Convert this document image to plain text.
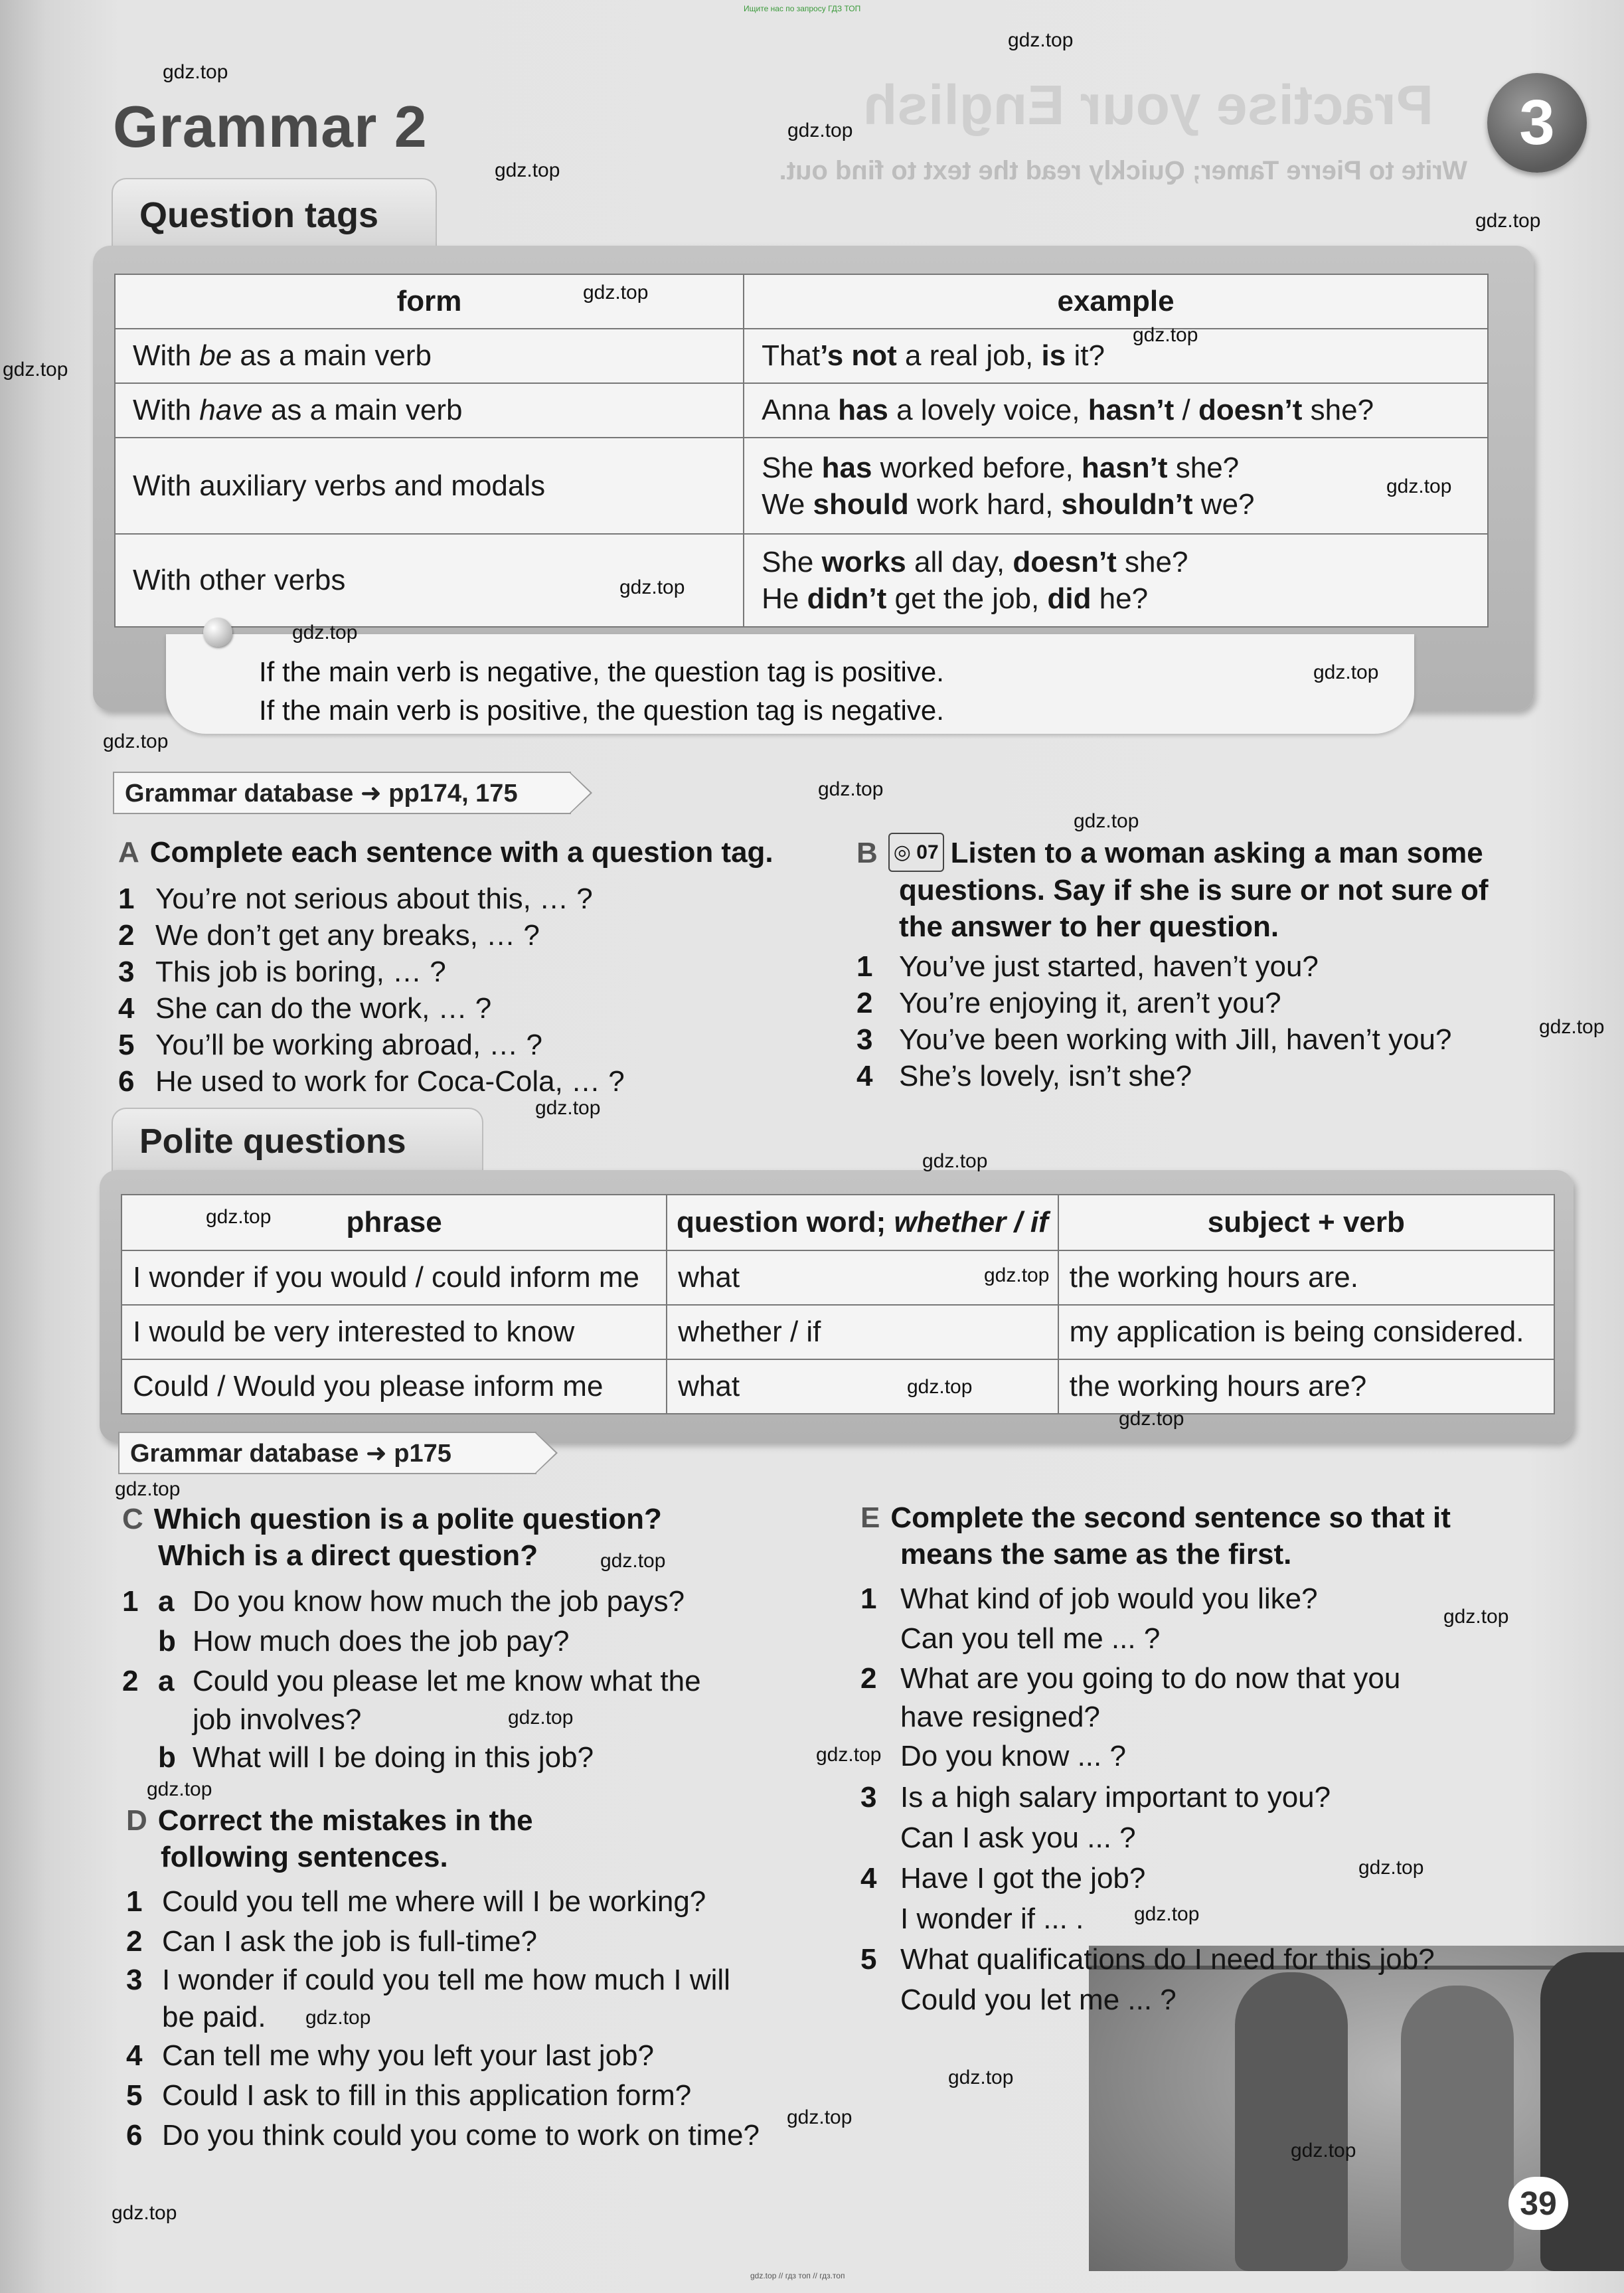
Ищите нас по запросу ГДЗ ТОП
Practise your English
Write to Pierre Tamer; Quickly read the text to find out.
Grammar 2	3
Question tags
form	example
With be as a main verb	That’s not a real job, is it?
With have as a main verb	Anna has a lovely voice, hasn’t / doesn’t she?
With auxiliary verbs and modals	She has worked before, hasn’t she?
We should work hard, shouldn’t we?
With other verbs	She works all day, doesn’t she?
He didn’t get the job, did he?
If the main verb is negative, the question tag is positive.
If the main verb is positive, the question tag is negative.
Grammar database ➜ pp174, 175
A Complete each sentence with a question tag.
1 You’re not serious about this, … ?
2 We don’t get any breaks, … ?
3 This job is boring, … ?
4 She can do the work, … ?
5 You’ll be working abroad, … ?
6 He used to work for Coca-Cola, … ?
B ◎ 07 Listen to a woman asking a man some
questions. Say if she is sure or not sure of
the answer to her question.
1 You’ve just started, haven’t you?
2 You’re enjoying it, aren’t you?
3 You’ve been working with Jill, haven’t you?
4 She’s lovely, isn’t she?
Polite questions
phrase	question word; whether / if	subject + verb
I wonder if you would / could inform me	what	the working hours are.
I would be very interested to know	whether / if	my application is being considered.
Could / Would you please inform me	what	the working hours are?
Grammar database ➜ p175
C Which question is a polite question?
Which is a direct question?
1 a Do you know how much the job pays?
b How much does the job pay?
2 a Could you please let me know what the
job involves?
b What will I be doing in this job?
D Correct the mistakes in the
following sentences.
1 Could you tell me where will I be working?
2 Can I ask the job is full-time?
3 I wonder if could you tell me how much I will
be paid.
4 Can tell me why you left your last job?
5 Could I ask to fill in this application form?
6 Do you think could you come to work on time?
E Complete the second sentence so that it
means the same as the first.
1 What kind of job would you like?
Can you tell me ... ?
2 What are you going to do now that you
have resigned?
Do you know ... ?
3 Is a high salary important to you?
Can I ask you ... ?
4 Have I got the job?
I wonder if ... .
5 What qualifications do I need for this job?
Could you let me ... ?
39
gdz.top
gdz.top
gdz.top
gdz.top
gdz.top
gdz.top
gdz.top
gdz.top
gdz.top
gdz.top
gdz.top
gdz.top
gdz.top
gdz.top
gdz.top
gdz.top
gdz.top
gdz.top
gdz.top
gdz.top
gdz.top
gdz.top
gdz.top
gdz.top
gdz.top
gdz.top
gdz.top
gdz.top
gdz.top
gdz.top
gdz.top
gdz.top
gdz.top
gdz.top
gdz.top
gdz.top // гдз топ // гдз.топ
